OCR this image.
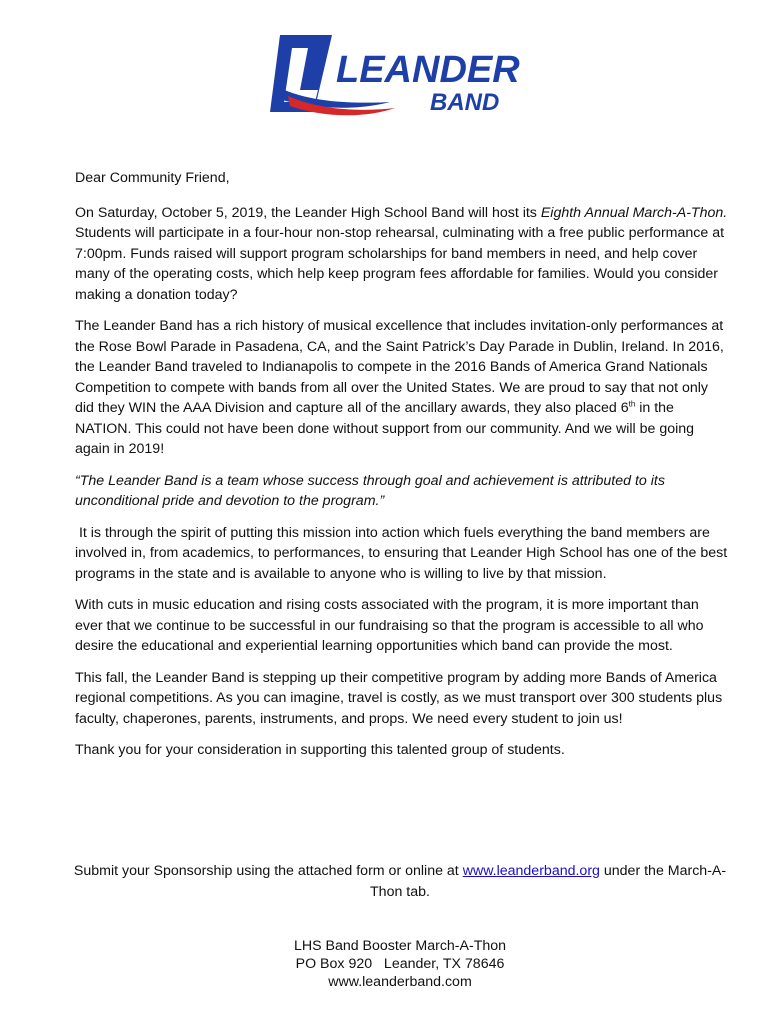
LEANDER
BAND

Dear Community Friend,

On Saturday, October 5, 2019, the Leander High School Band will host its Eighth Annual March-A-Thon. Students will participate in a four-hour non-stop rehearsal, culminating with a free public performance at 7:00pm. Funds raised will support program scholarships for band members in need, and help cover many of the operating costs, which help keep program fees affordable for families. Would you consider making a donation today?

The Leander Band has a rich history of musical excellence that includes invitation-only performances at the Rose Bowl Parade in Pasadena, CA, and the Saint Patrick’s Day Parade in Dublin, Ireland. In 2016, the Leander Band traveled to Indianapolis to compete in the 2016 Bands of America Grand Nationals Competition to compete with bands from all over the United States. We are proud to say that not only did they WIN the AAA Division and capture all of the ancillary awards, they also placed 6th in the NATION. This could not have been done without support from our community. And we will be going again in 2019!

“The Leander Band is a team whose success through goal and achievement is attributed to its unconditional pride and devotion to the program.”

It is through the spirit of putting this mission into action which fuels everything the band members are involved in, from academics, to performances, to ensuring that Leander High School has one of the best programs in the state and is available to anyone who is willing to live by that mission.

With cuts in music education and rising costs associated with the program, it is more important than ever that we continue to be successful in our fundraising so that the program is accessible to all who desire the educational and experiential learning opportunities which band can provide the most.

This fall, the Leander Band is stepping up their competitive program by adding more Bands of America regional competitions. As you can imagine, travel is costly, as we must transport over 300 students plus faculty, chaperones, parents, instruments, and props. We need every student to join us!

Thank you for your consideration in supporting this talented group of students.

Submit your Sponsorship using the attached form or online at www.leanderband.org under the March-A-Thon tab.
LHS Band Booster March-A-Thon
PO Box 920   Leander, TX 78646
www.leanderband.com
